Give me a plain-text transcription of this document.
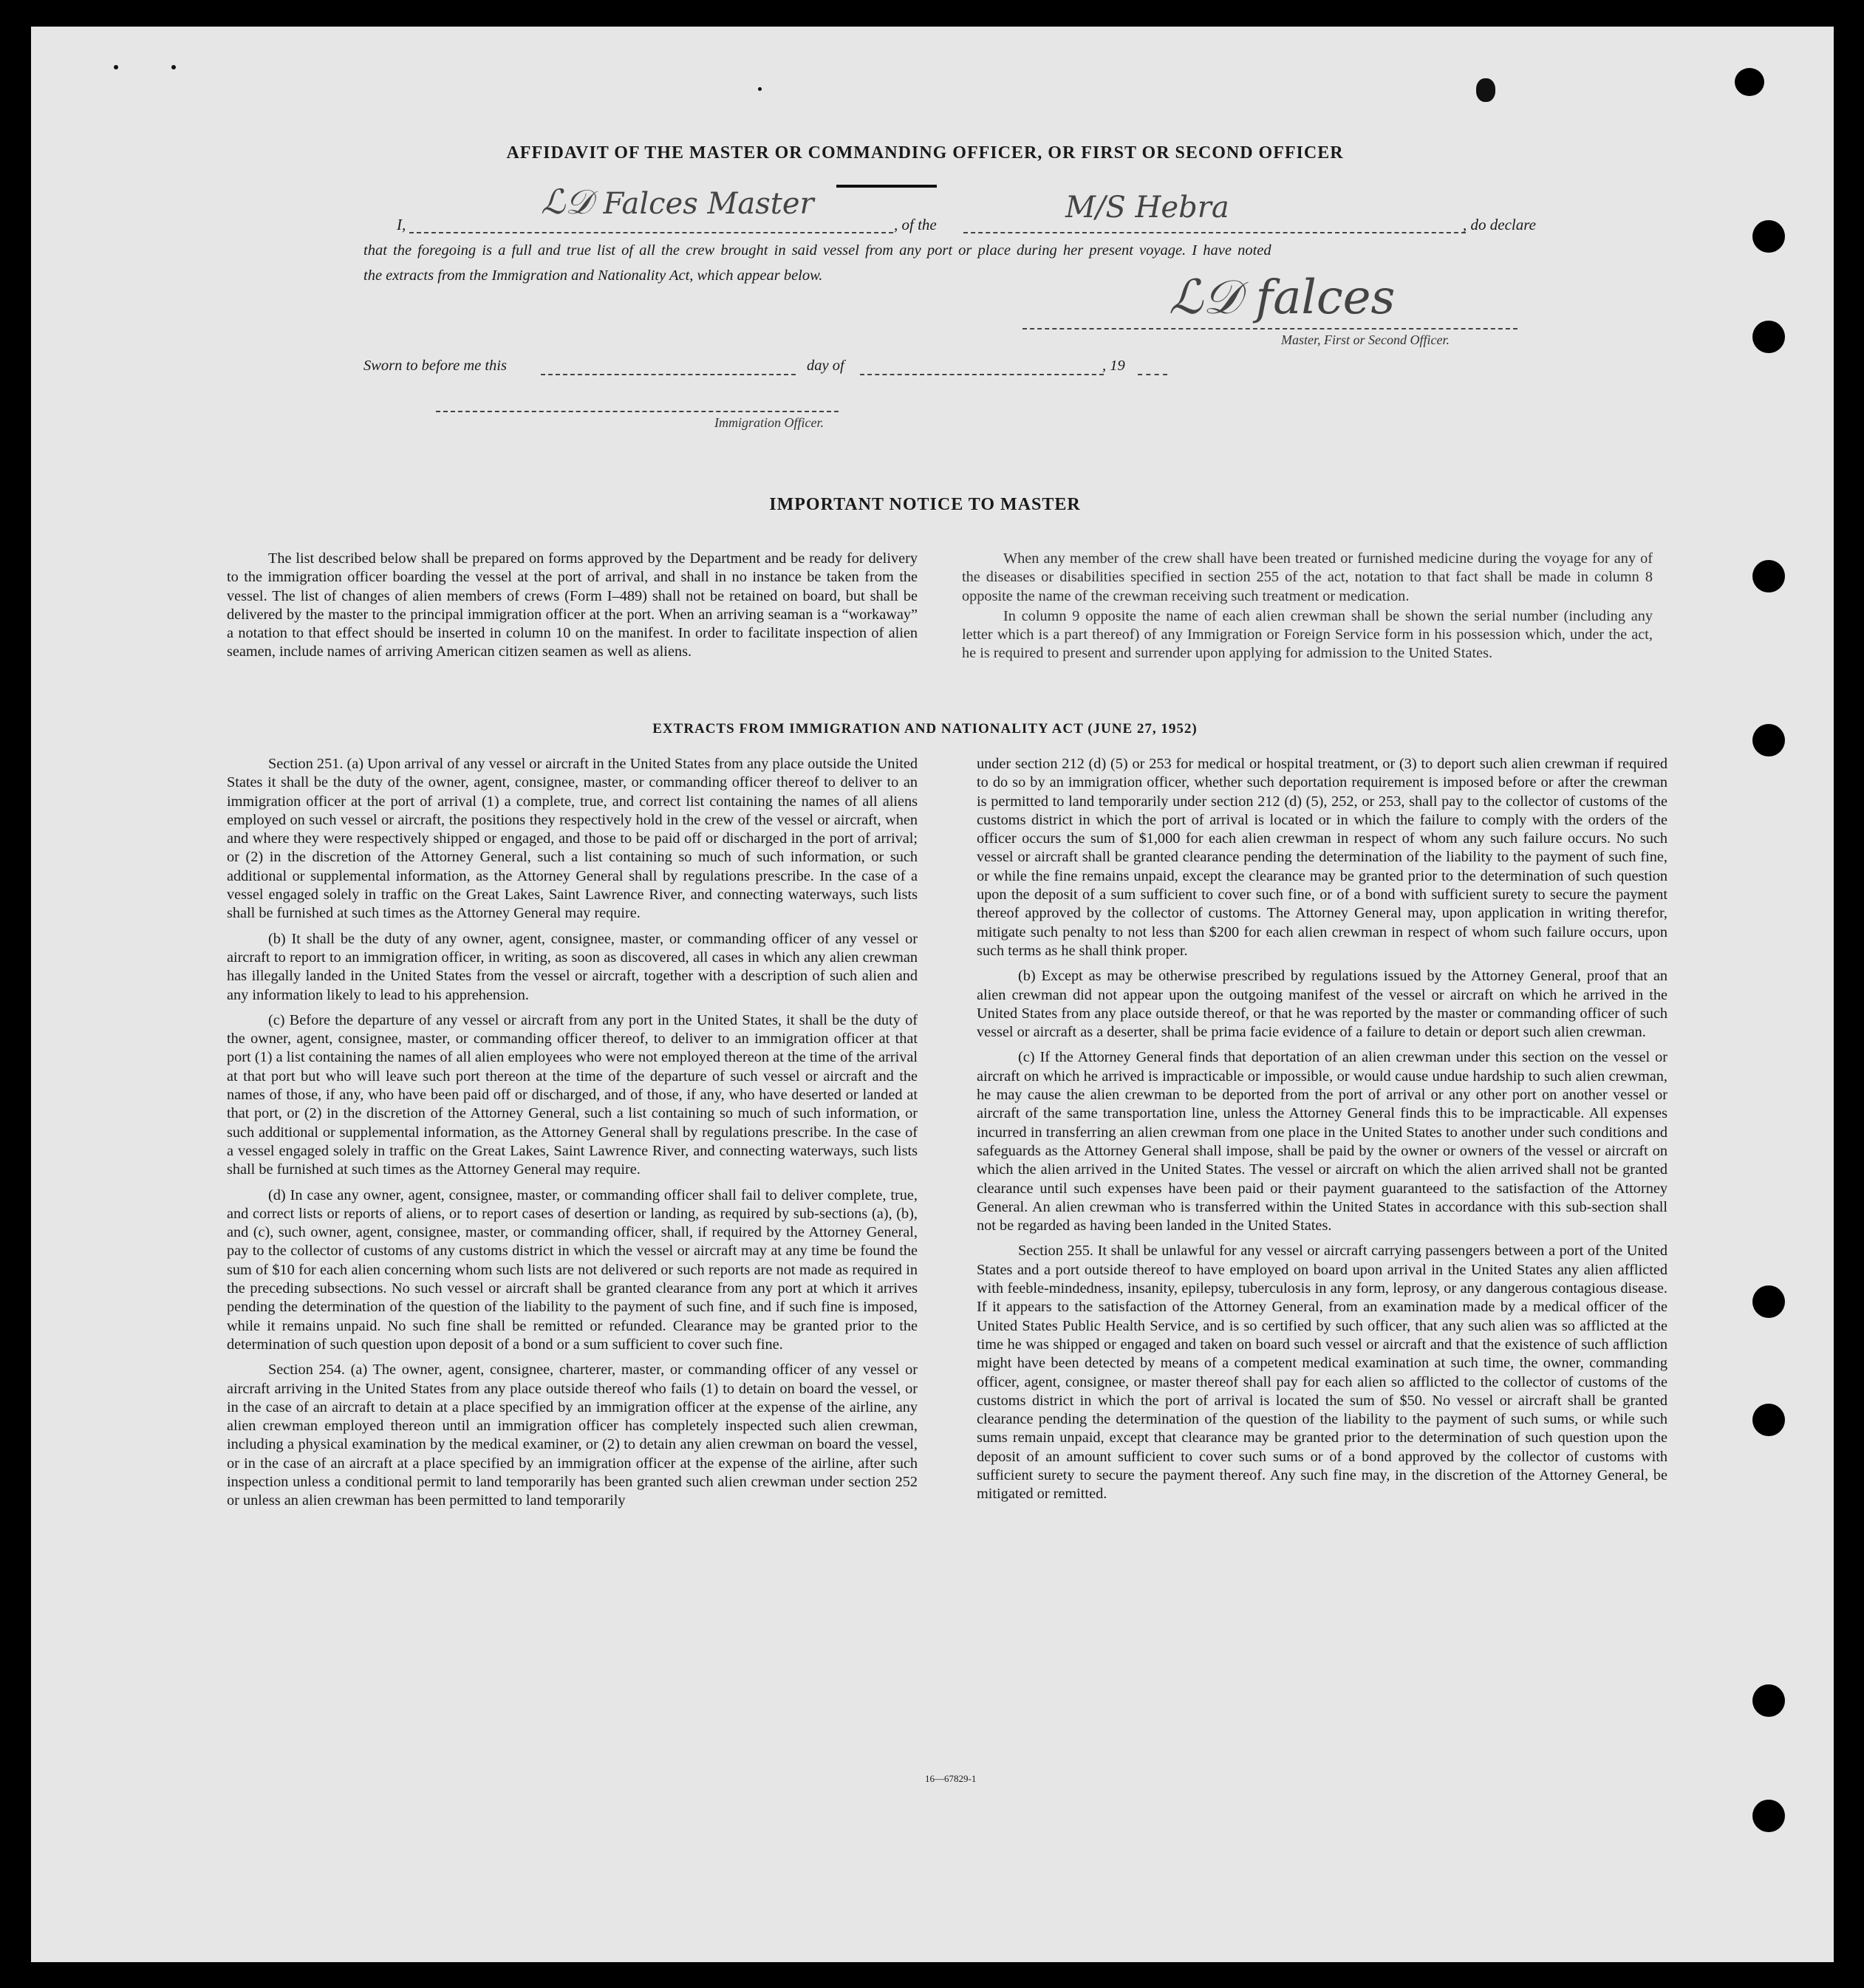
AFFIDAVIT OF THE MASTER OR COMMANDING OFFICER, OR FIRST OR SECOND OFFICER
I,
ℒ𝒟 Falces Master
, of the	M/S Hebra	, do declare
that the foregoing is a full and true list of all the crew brought in said vessel from any port or place during her present voyage. I have noted
the extracts from the Immigration and Nationality Act, which appear below.	ℒ𝒟 falces
Master, First or Second Officer.
Sworn to before me this	day of	, 19
Immigration Officer.
IMPORTANT NOTICE TO MASTER

The list described below shall be prepared on forms approved by the Department and be ready for delivery to the immigration officer boarding the vessel at the port of arrival, and shall in no instance be taken from the vessel. The list of changes of alien members of crews (Form I–489) shall not be retained on board, but shall be delivered by the master to the principal immigration officer at the port. When an arriving seaman is a “workaway” a notation to that effect should be inserted in column 10 on the manifest. In order to facilitate inspection of alien seamen, include names of arriving American citizen seamen as well as aliens.

When any member of the crew shall have been treated or furnished medicine during the voyage for any of the diseases or disabilities specified in section 255 of the act, notation to that fact shall be made in column 8 opposite the name of the crewman receiving such treatment or medication.

In column 9 opposite the name of each alien crewman shall be shown the serial number (including any letter which is a part thereof) of any Immigration or Foreign Service form in his possession which, under the act, he is required to present and surrender upon applying for admission to the United States.

EXTRACTS FROM IMMIGRATION AND NATIONALITY ACT (JUNE 27, 1952)

Section 251. (a) Upon arrival of any vessel or aircraft in the United States from any place outside the United States it shall be the duty of the owner, agent, consignee, master, or commanding officer thereof to deliver to an immigration officer at the port of arrival (1) a complete, true, and correct list containing the names of all aliens employed on such vessel or aircraft, the positions they respectively hold in the crew of the vessel or aircraft, when and where they were respectively shipped or engaged, and those to be paid off or discharged in the port of arrival; or (2) in the discretion of the Attorney General, such a list containing so much of such information, or such additional or supplemental information, as the Attorney General shall by regulations prescribe. In the case of a vessel engaged solely in traffic on the Great Lakes, Saint Lawrence River, and connecting waterways, such lists shall be furnished at such times as the Attorney General may require.

(b) It shall be the duty of any owner, agent, consignee, master, or commanding officer of any vessel or aircraft to report to an immigration officer, in writing, as soon as discovered, all cases in which any alien crewman has illegally landed in the United States from the vessel or aircraft, together with a description of such alien and any information likely to lead to his apprehension.

(c) Before the departure of any vessel or aircraft from any port in the United States, it shall be the duty of the owner, agent, consignee, master, or commanding officer thereof, to deliver to an immigration officer at that port (1) a list containing the names of all alien employees who were not employed thereon at the time of the arrival at that port but who will leave such port thereon at the time of the departure of such vessel or aircraft and the names of those, if any, who have been paid off or discharged, and of those, if any, who have deserted or landed at that port, or (2) in the discretion of the Attorney General, such a list containing so much of such information, or such additional or supplemental information, as the Attorney General shall by regulations prescribe. In the case of a vessel engaged solely in traffic on the Great Lakes, Saint Lawrence River, and connecting waterways, such lists shall be furnished at such times as the Attorney General may require.

(d) In case any owner, agent, consignee, master, or commanding officer shall fail to deliver complete, true, and correct lists or reports of aliens, or to report cases of desertion or landing, as required by sub-sections (a), (b), and (c), such owner, agent, consignee, master, or commanding officer, shall, if required by the Attorney General, pay to the collector of customs of any customs district in which the vessel or aircraft may at any time be found the sum of $10 for each alien concerning whom such lists are not delivered or such reports are not made as required in the preceding subsections. No such vessel or aircraft shall be granted clearance from any port at which it arrives pending the determination of the question of the liability to the payment of such fine, and if such fine is imposed, while it remains unpaid. No such fine shall be remitted or refunded. Clearance may be granted prior to the determination of such question upon deposit of a bond or a sum sufficient to cover such fine.

Section 254. (a) The owner, agent, consignee, charterer, master, or commanding officer of any vessel or aircraft arriving in the United States from any place outside thereof who fails (1) to detain on board the vessel, or in the case of an aircraft to detain at a place specified by an immigration officer at the expense of the airline, any alien crewman employed thereon until an immigration officer has completely inspected such alien crewman, including a physical examination by the medical examiner, or (2) to detain any alien crewman on board the vessel, or in the case of an aircraft at a place specified by an immigration officer at the expense of the airline, after such inspection unless a conditional permit to land temporarily has been granted such alien crewman under section 252 or unless an alien crewman has been permitted to land temporarily

under section 212 (d) (5) or 253 for medical or hospital treatment, or (3) to deport such alien crewman if required to do so by an immigration officer, whether such deportation requirement is imposed before or after the crewman is permitted to land temporarily under section 212 (d) (5), 252, or 253, shall pay to the collector of customs of the customs district in which the port of arrival is located or in which the failure to comply with the orders of the officer occurs the sum of $1,000 for each alien crewman in respect of whom any such failure occurs. No such vessel or aircraft shall be granted clearance pending the determination of the liability to the payment of such fine, or while the fine remains unpaid, except the clearance may be granted prior to the determination of such question upon the deposit of a sum sufficient to cover such fine, or of a bond with sufficient surety to secure the payment thereof approved by the collector of customs. The Attorney General may, upon application in writing therefor, mitigate such penalty to not less than $200 for each alien crewman in respect of whom such failure occurs, upon such terms as he shall think proper.

(b) Except as may be otherwise prescribed by regulations issued by the Attorney General, proof that an alien crewman did not appear upon the outgoing manifest of the vessel or aircraft on which he arrived in the United States from any place outside thereof, or that he was reported by the master or commanding officer of such vessel or aircraft as a deserter, shall be prima facie evidence of a failure to detain or deport such alien crewman.

(c) If the Attorney General finds that deportation of an alien crewman under this section on the vessel or aircraft on which he arrived is impracticable or impossible, or would cause undue hardship to such alien crewman, he may cause the alien crewman to be deported from the port of arrival or any other port on another vessel or aircraft of the same transportation line, unless the Attorney General finds this to be impracticable. All expenses incurred in transferring an alien crewman from one place in the United States to another under such conditions and safeguards as the Attorney General shall impose, shall be paid by the owner or owners of the vessel or aircraft on which the alien arrived in the United States. The vessel or aircraft on which the alien arrived shall not be granted clearance until such expenses have been paid or their payment guaranteed to the satisfaction of the Attorney General. An alien crewman who is transferred within the United States in accordance with this sub-section shall not be regarded as having been landed in the United States.

Section 255. It shall be unlawful for any vessel or aircraft carrying passengers between a port of the United States and a port outside thereof to have employed on board upon arrival in the United States any alien afflicted with feeble-mindedness, insanity, epilepsy, tuberculosis in any form, leprosy, or any dangerous contagious disease. If it appears to the satisfaction of the Attorney General, from an examination made by a medical officer of the United States Public Health Service, and is so certified by such officer, that any such alien was so afflicted at the time he was shipped or engaged and taken on board such vessel or aircraft and that the existence of such affliction might have been detected by means of a competent medical examination at such time, the owner, commanding officer, agent, consignee, or master thereof shall pay for each alien so afflicted to the collector of customs of the customs district in which the port of arrival is located the sum of $50. No vessel or aircraft shall be granted clearance pending the determination of the question of the liability to the payment of such sums, or while such sums remain unpaid, except that clearance may be granted prior to the determination of such question upon the deposit of an amount sufficient to cover such sums or of a bond approved by the collector of customs with sufficient surety to secure the payment thereof. Any such fine may, in the discretion of the Attorney General, be mitigated or remitted.

16—67829-1
